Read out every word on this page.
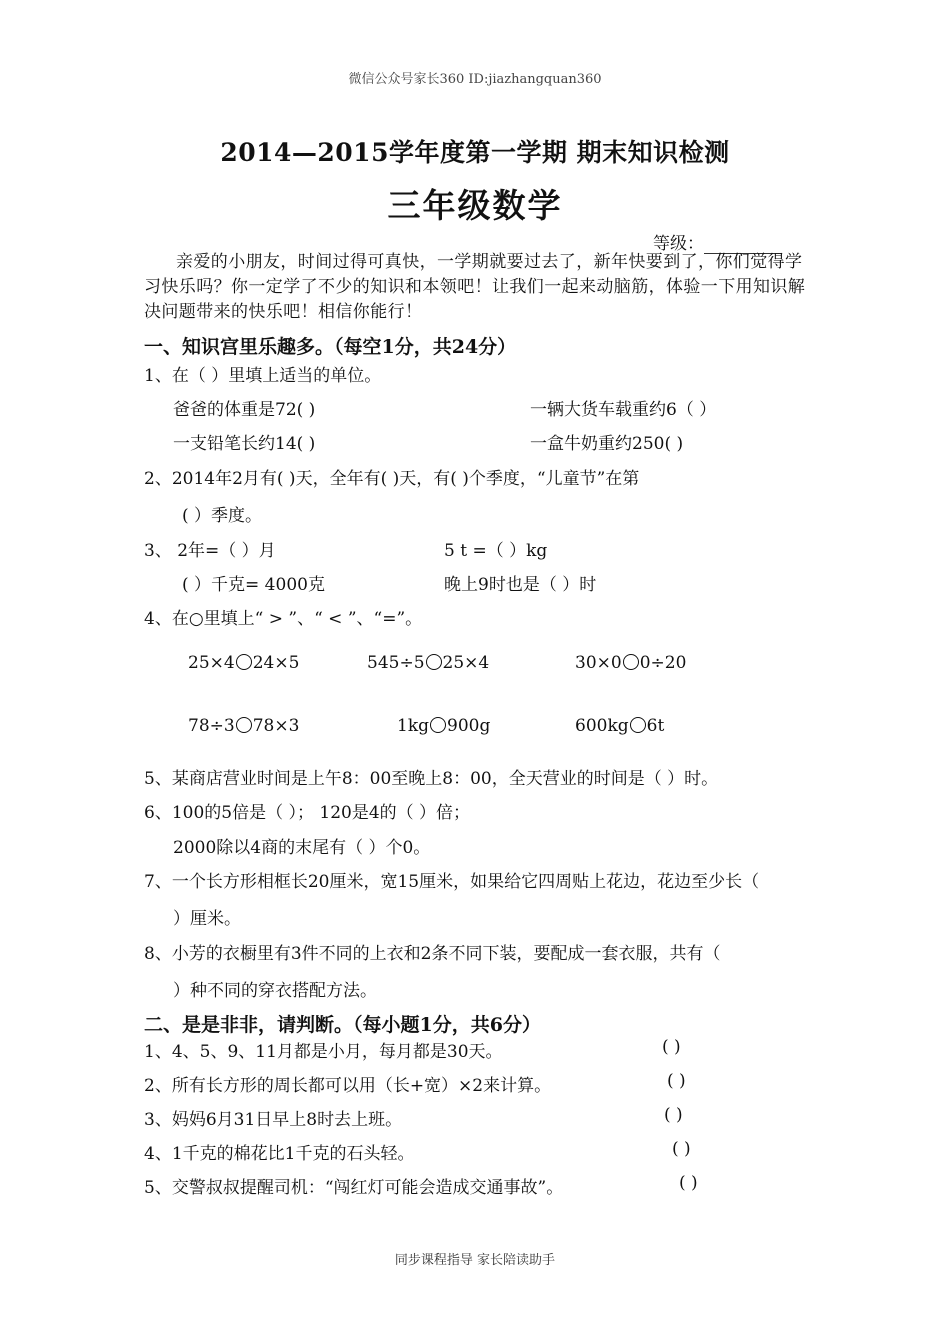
微信公众号家长360 ID:jiazhangquan360
2014—2015学年度第一学期 期末知识检测
三年级数学
等级：
亲爱的小朋友，时间过得可真快，一学期就要过去了，新年快要到了，你们觉得学习快乐吗？你一定学了不少的知识和本领吧！让我们一起来动脑筋，体验一下用知识解决问题带来的快乐吧！相信你能行！
一、知识宫里乐趣多。（每空1分，共24分）
1、在（ ）里填上适当的单位。
爸爸的体重是72( )	一辆大货车载重约6（ ）
一支铅笔长约14( )	一盒牛奶重约250( )
2、2014年2月有( )天，全年有( )天，有( )个季度，“儿童节”在第
( ）季度。
3、 2年=（ ）月	5 t =（ ）kg
( ）千克= 4000克	晚上9时也是（ ）时
4、在○里填上“ > ”、“ < ”、“=”。
25×4 24×5	545÷5 25×4	30×0 0÷20
78÷3 78×3	1kg 900g	600kg 6t
5、某商店营业时间是上午8：00至晚上8：00，全天营业的时间是（ ）时。
6、100的5倍是（ ）； 120是4的（ ）倍；
2000除以4商的末尾有（ ）个0。
7、一个长方形相框长20厘米，宽15厘米，如果给它四周贴上花边，花边至少长（
）厘米。
8、小芳的衣橱里有3件不同的上衣和2条不同下装，要配成一套衣服，共有（
）种不同的穿衣搭配方法。
二、是是非非，请判断。（每小题1分，共6分）
1、4、5、9、11月都是小月，每月都是30天。	( )
2、所有长方形的周长都可以用（长+宽）×2来计算。	( )
3、妈妈6月31日早上8时去上班。	( )
4、1千克的棉花比1千克的石头轻。	( )
5、交警叔叔提醒司机：“闯红灯可能会造成交通事故”。	( )
同步课程指导 家长陪读助手
